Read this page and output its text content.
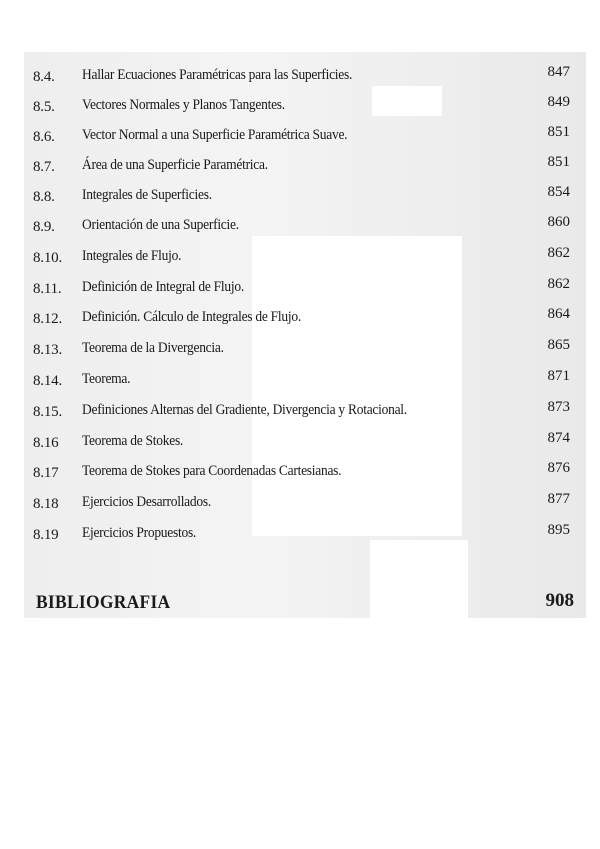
8.4. Hallar Ecuaciones Paramétricas para las Superficies.	847
8.5. Vectores Normales y Planos Tangentes.	849
8.6. Vector Normal a una Superficie Paramétrica Suave.	851
8.7. Área de una Superficie Paramétrica.	851
8.8. Integrales de Superficies.	854
8.9. Orientación de una Superficie.	860
8.10. Integrales de Flujo.	862
8.11. Definición de Integral de Flujo.	862
8.12. Definición. Cálculo de Integrales de Flujo.	864
8.13. Teorema de la Divergencia.	865
8.14. Teorema.	871
8.15. Definiciones Alternas del Gradiente, Divergencia y Rotacional.	873
8.16 Teorema de Stokes.	874
8.17 Teorema de Stokes para Coordenadas Cartesianas.	876
8.18 Ejercicios Desarrollados.	877
8.19 Ejercicios Propuestos.	895
BIBLIOGRAFIA	908
